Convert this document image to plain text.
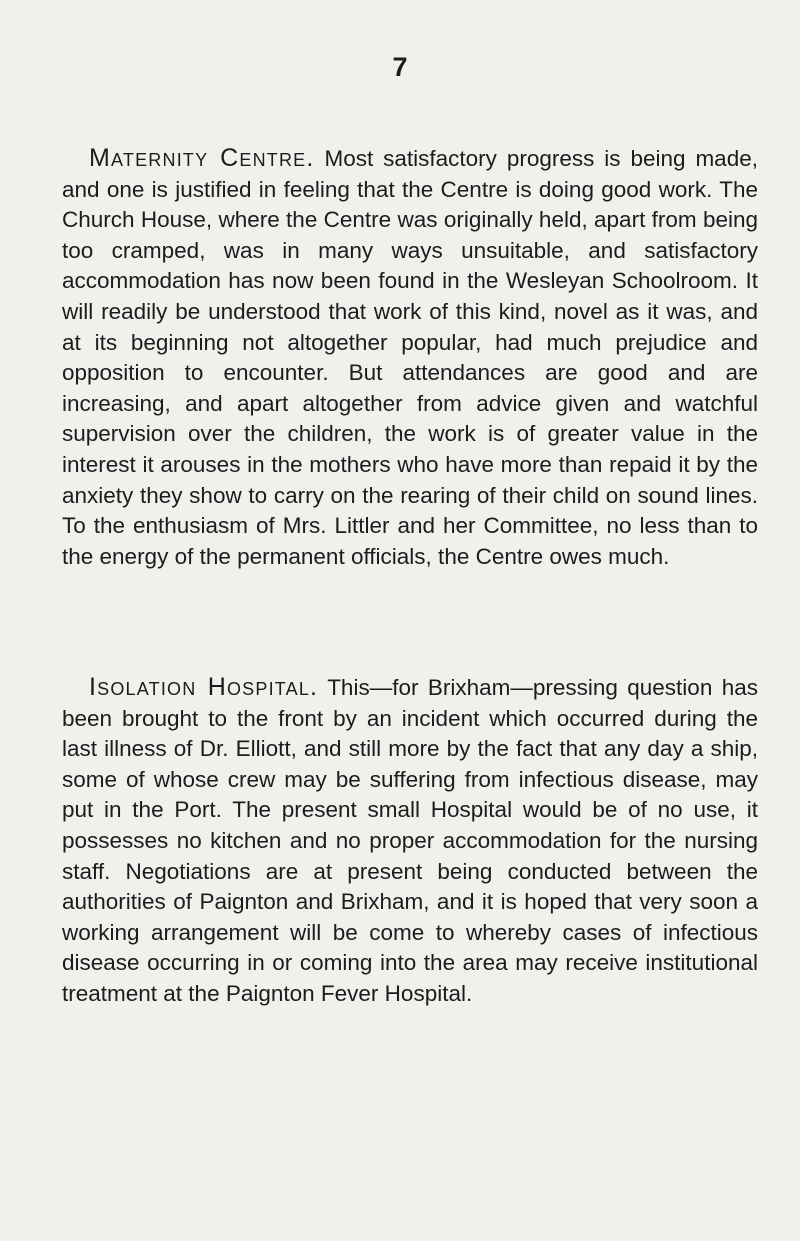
7

Maternity Centre. Most satisfactory progress is being made, and one is justified in feeling that the Centre is doing good work. The Church House, where the Centre was originally held, apart from being too cramped, was in many ways unsuitable, and satisfactory accommodation has now been found in the Wesleyan Schoolroom. It will readily be understood that work of this kind, novel as it was, and at its beginning not altogether popular, had much prejudice and opposition to encounter. But attendances are good and are increasing, and apart altogether from advice given and watchful supervision over the children, the work is of greater value in the interest it arouses in the mothers who have more than repaid it by the anxiety they show to carry on the rearing of their child on sound lines. To the enthusiasm of Mrs. Littler and her Committee, no less than to the energy of the permanent officials, the Centre owes much.

Isolation Hospital. This—for Brixham—pressing question has been brought to the front by an incident which occurred during the last illness of Dr. Elliott, and still more by the fact that any day a ship, some of whose crew may be suffering from infectious disease, may put in the Port. The present small Hospital would be of no use, it possesses no kitchen and no proper accommodation for the nursing staff. Negotiations are at present being conducted between the authorities of Paignton and Brixham, and it is hoped that very soon a working arrangement will be come to whereby cases of infectious disease occurring in or coming into the area may receive institutional treatment at the Paignton Fever Hospital.
